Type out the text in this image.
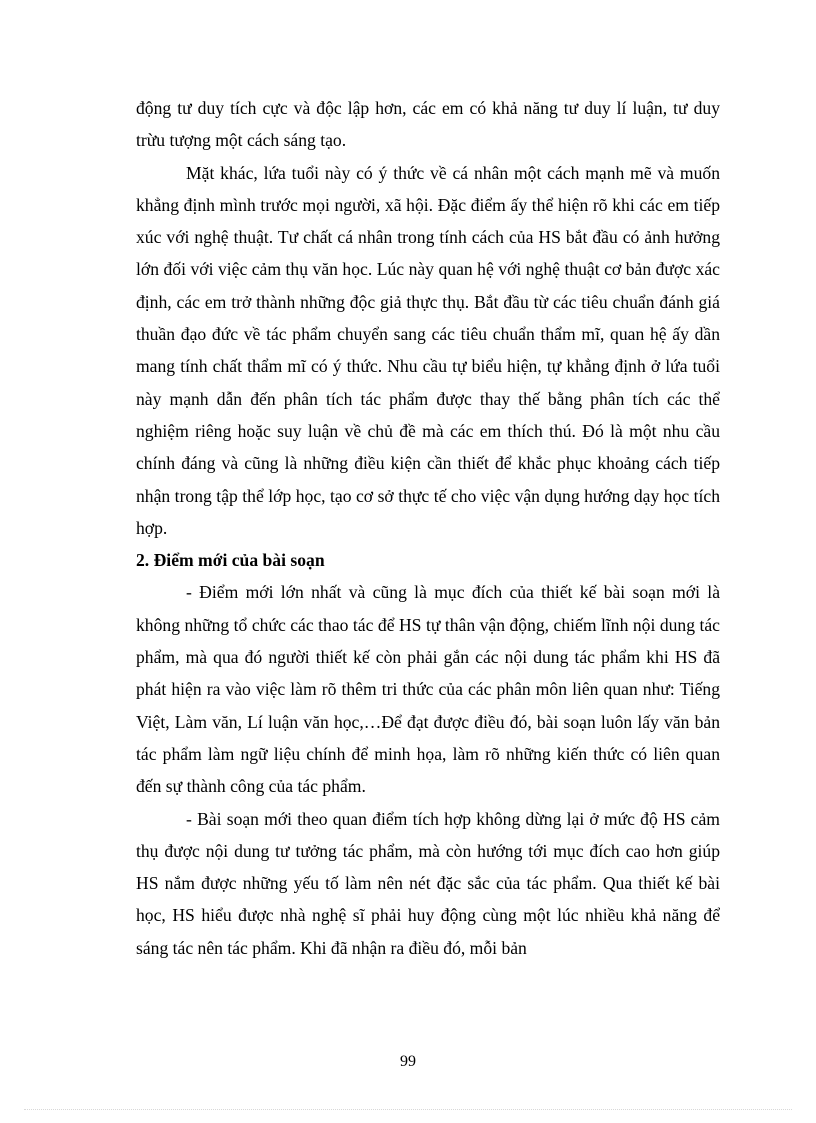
động tư duy tích cực và độc lập hơn, các em có khả năng tư duy lí luận, tư duy trừu tượng một cách sáng tạo.

Mặt khác, lứa tuổi này có ý thức về cá nhân một cách mạnh mẽ và muốn khẳng định mình trước mọi người, xã hội. Đặc điểm ấy thể hiện rõ khi các em tiếp xúc với nghệ thuật. Tư chất cá nhân trong tính cách của HS bắt đầu có ảnh hưởng lớn đối với việc cảm thụ văn học. Lúc này quan hệ với nghệ thuật cơ bản được xác định, các em trở thành những độc giả thực thụ. Bắt đầu từ các tiêu chuẩn đánh giá thuần đạo đức về tác phẩm chuyển sang các tiêu chuẩn thẩm mĩ, quan hệ ấy dần mang tính chất thẩm mĩ có ý thức. Nhu cầu tự biểu hiện, tự khẳng định ở lứa tuổi này mạnh dẫn đến phân tích tác phẩm được thay thế bằng phân tích các thể nghiệm riêng hoặc suy luận về chủ đề mà các em thích thú. Đó là một nhu cầu chính đáng và cũng là những điều kiện cần thiết để khắc phục khoảng cách tiếp nhận trong tập thể lớp học, tạo cơ sở thực tế cho việc vận dụng hướng dạy học tích hợp.

2. Điểm mới của bài soạn

- Điểm mới lớn nhất và cũng là mục đích của thiết kế bài soạn mới là không những tổ chức các thao tác để HS tự thân vận động, chiếm lĩnh nội dung tác phẩm, mà qua đó người thiết kế còn phải gắn các nội dung tác phẩm khi HS đã phát hiện ra vào việc làm rõ thêm tri thức của các phân môn liên quan như: Tiếng Việt, Làm văn, Lí luận văn học,…Để đạt được điều đó, bài soạn luôn lấy văn bản tác phẩm làm ngữ liệu chính để minh họa, làm rõ những kiến thức có liên quan đến sự thành công của tác phẩm.

- Bài soạn mới theo quan điểm tích hợp không dừng lại ở mức độ HS cảm thụ được nội dung tư tưởng tác phẩm, mà còn hướng tới mục đích cao hơn giúp HS nắm được những yếu tố làm nên nét đặc sắc của tác phẩm. Qua thiết kế bài học, HS hiểu được nhà nghệ sĩ phải huy động cùng một lúc nhiều khả năng để sáng tác nên tác phẩm. Khi đã nhận ra điều đó, mỗi bản

99
